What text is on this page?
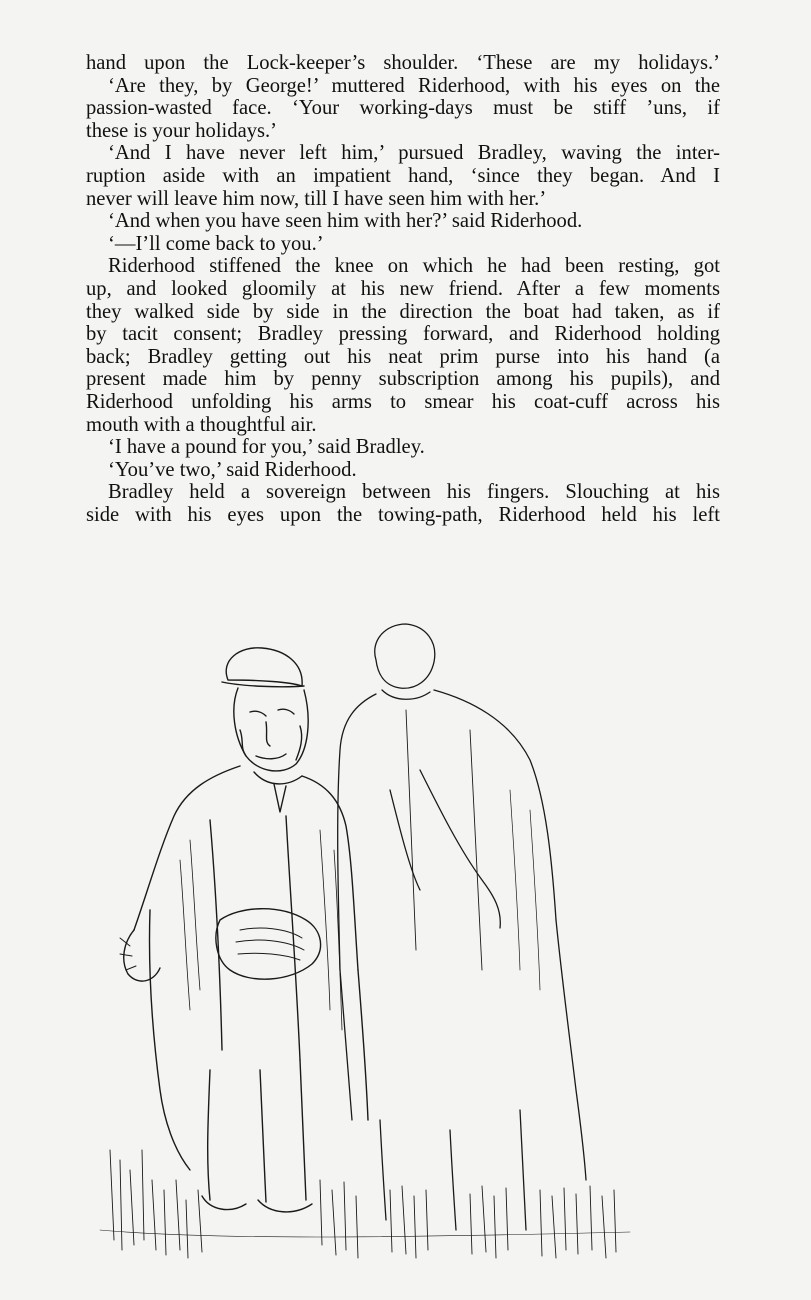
hand upon the Lock-keeper’s shoulder. ‘These are my holidays.’
‘Are they, by George!’ muttered Riderhood, with his eyes on the
passion-wasted face. ‘Your working-days must be stiff ’uns, if
these is your holidays.’
‘And I have never left him,’ pursued Bradley, waving the inter-
ruption aside with an impatient hand, ‘since they began. And I
never will leave him now, till I have seen him with her.’
‘And when you have seen him with her?’ said Riderhood.
‘—I’ll come back to you.’
Riderhood stiffened the knee on which he had been resting, got
up, and looked gloomily at his new friend. After a few moments
they walked side by side in the direction the boat had taken, as if
by tacit consent; Bradley pressing forward, and Riderhood holding
back; Bradley getting out his neat prim purse into his hand (a
present made him by penny subscription among his pupils), and
Riderhood unfolding his arms to smear his coat-cuff across his
mouth with a thoughtful air.
‘I have a pound for you,’ said Bradley.
‘You’ve two,’ said Riderhood.
Bradley held a sovereign between his fingers. Slouching at his
side with his eyes upon the towing-path, Riderhood held his left
